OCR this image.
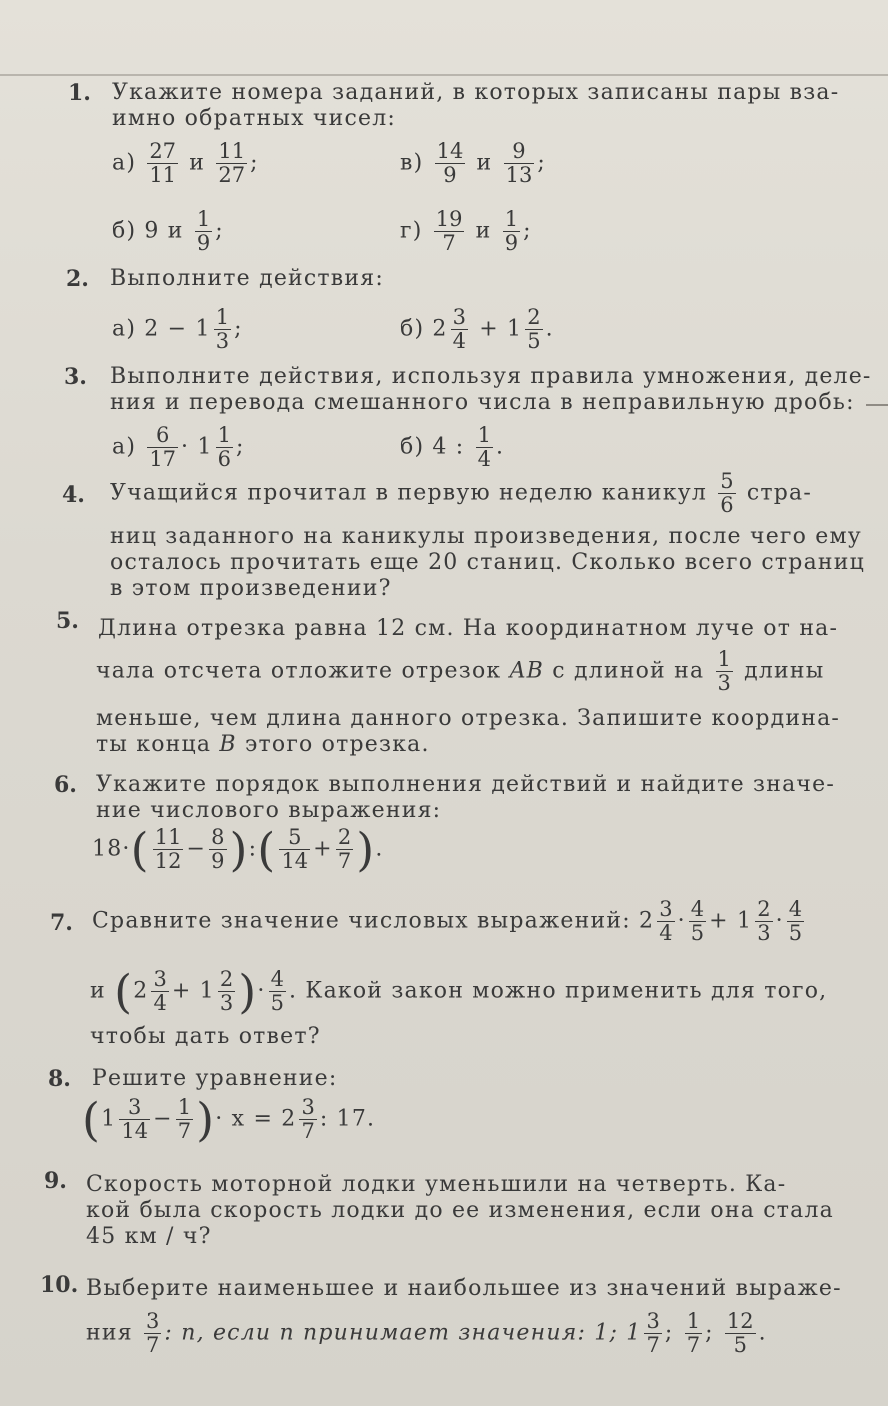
1. Укажите номера заданий, в которых записаны пары вза-
имно обратных чисел:
$а) \frac{27}{11}$ и $\frac{11}{27}$ ;	$в) \frac{14}{9}$ и $\frac{9}{13}$ ;
б) 9 и $\frac{1}{9}$ ;	$г) \frac{19}{7}$ и $\frac{1}{9}$ ;
2. Выполните действия:
а) $2 - 1 \frac{1}{3}$ ;	б) $2 \frac{3}{4} + 1 \frac{2}{5}$ .
3. Выполните действия, используя правила умножения, деле-
ния и перевода смешанного числа в неправильную дробь:
$а) \frac{6}{17} \cdot 1 \frac{1}{6}$ ;	б) 4 : $\frac{1}{4}$ .
4. Учащийся прочитал в первую неделю каникул $\frac{5}{6}$ стра-
ниц заданного на каникулы произведения, после чего ему
осталось прочитать еще 20 станиц. Сколько всего страниц
в этом произведении?
5. Длина отрезка равна 12 см. На координатном луче от на-
чала отсчета отложите отрезок AB с длиной на $\frac{1}{3}$ длины
меньше, чем длина данного отрезка. Запишите координа-
ты конца B этого отрезка.
6. Укажите порядок выполнения действий и найдите значе-
ние числового выражения:
$18\cdot( \frac{11}{12} - \frac{8}{9}$ ):( $\frac{5}{14} + \frac{2}{7}$ ).
7. Сравните значение числовых выражений: $2 \frac{3}{4} \cdot \frac{4}{5} + 1 \frac{2}{3} \cdot \frac{4}{5}$
и ($2 \frac{3}{4} + 1 \frac{2}{3}$ )· $\frac{4}{5}$ . Какой закон можно применить для того,
чтобы дать ответ?
8. Решите уравнение:
($1 \frac{3}{14} - \frac{1}{7}$ )· $x = 2 \frac{3}{7}$ : 17.
9. Скорость моторной лодки уменьшили на четверть. Ка-
кой была скорость лодки до ее изменения, если она стала
45 км / ч?
10. Выберите наименьшее и наибольшее из значений выраже-
ния $\frac{3}{7}$ : n, если n принимает значения: 1; $1 \frac{3}{7}$ ; $\frac{1}{7}$ ; $\frac{12}{5}$ .
